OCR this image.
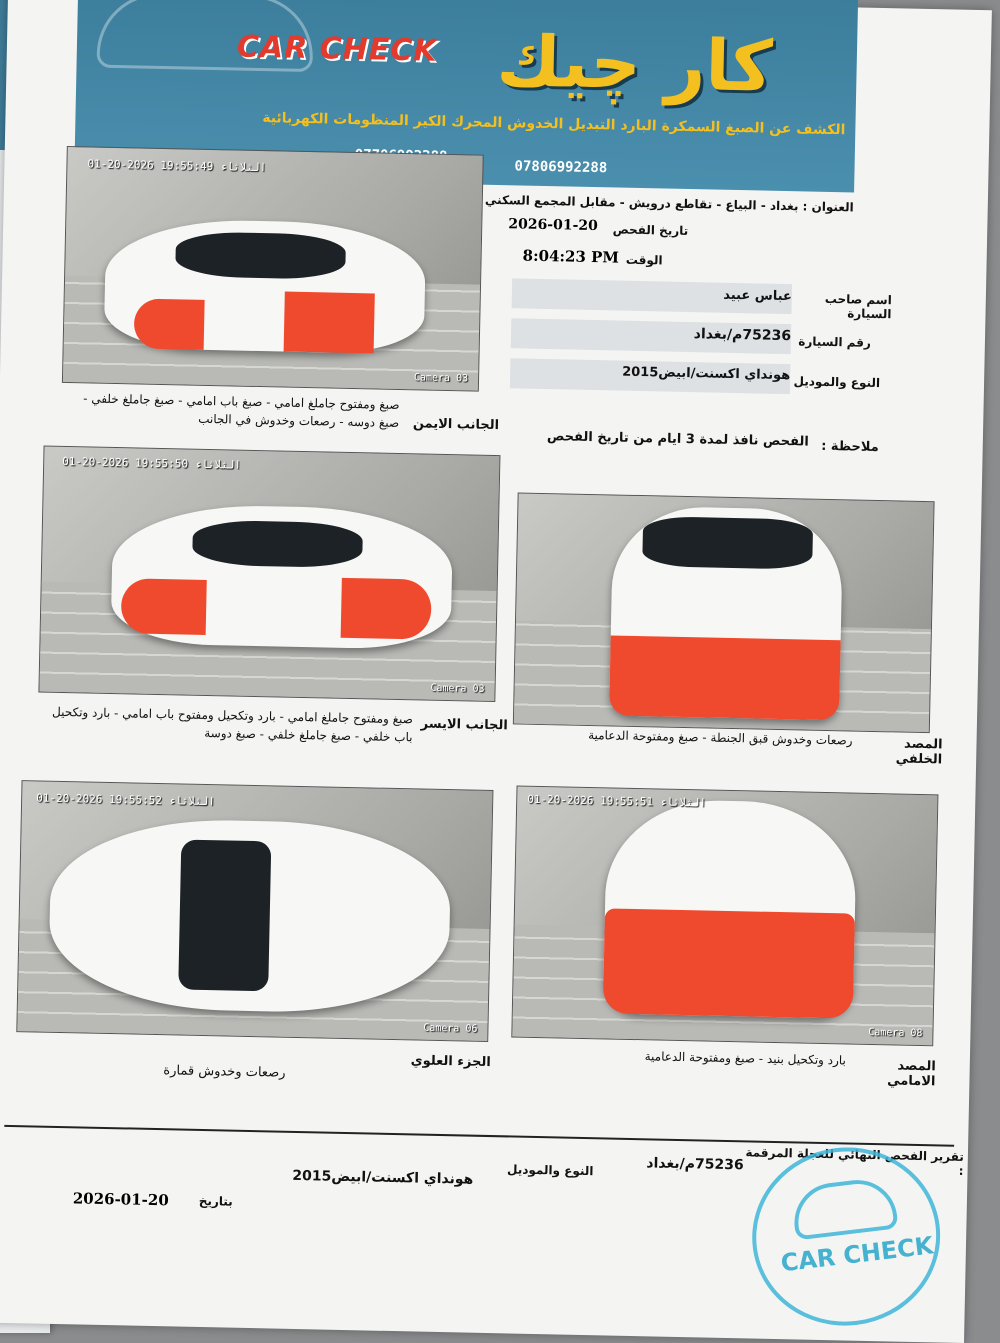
CAR CHECK كار چيك
الكشف عن الصبغ السمكرة البارد التبديل الخدوش المحرك الكير المنظومات الكهربائية
07806992288
01-20-2026 الثلاثاء 19:55:49
Camera 03
الجانب الايمن
صبغ ومفتوح جاملغ امامي - صبغ باب امامي - صبغ جاملغ خلفي - صبغ دوسه - رصعات وخدوش في الجانب
العنوان : بغداد - البياع - تقاطع درويش - مقابل المجمع السكني
تاريخ الفحص
2026-01-20
الوقت
8:04:23 PM
عباس عبيد	اسم صاحب السيارة
75236م/بغداد رقم السيارة
هونداي اكسنت/ابيض2015 النوع والموديل
ملاحظة :
الفحص نافذ لمدة 3 ايام من تاريخ الفحص
01-20-2026 الثلاثاء 19:55:50
Camera 03
الجانب الايسر
صبغ ومفتوح جاملغ امامي - بارد وتكحيل ومفتوح باب امامي - بارد وتكحيل باب خلفي - صبغ جاملغ خلفي - صبغ دوسة
المصد الخلفي
رصعات وخدوش قبق الجنطة - صبغ ومفتوحة الدعامية
01-20-2026 الثلاثاء 19:55:52
Camera 06
الجزء العلوي
رصعات وخدوش قمارة
01-20-2026 الثلاثاء 19:55:51
Camera 08
المصد الامامي
بارد وتكحيل بنيد - صبغ ومفتوحة الدعامية
تقرير الفحص النهائي للعجلة المرقمة :
75236م/بغداد
النوع والموديل
هونداي اكسنت/ابيض2015
بتاريخ
2026-01-20
CAR CHECK
